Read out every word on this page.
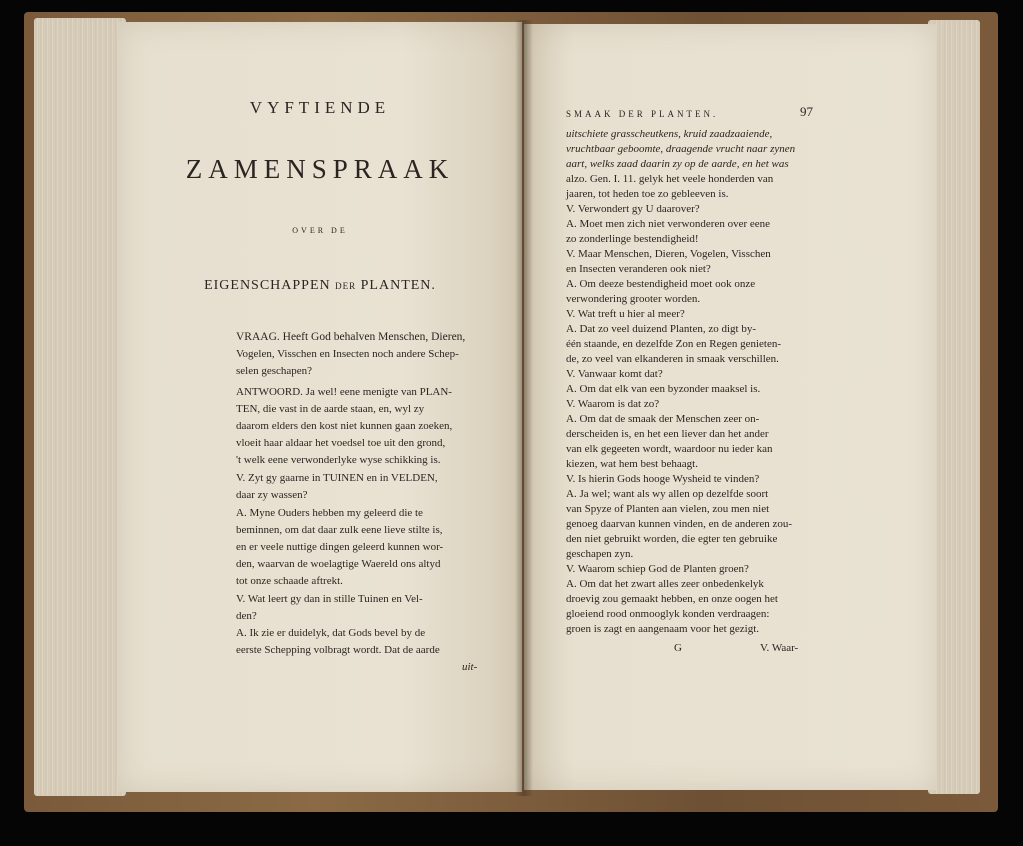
VYFTIENDE
ZAMENSPRAAK
OVER DE
EIGENSCHAPPEN DER PLANTEN.
VRAAG. Heeft God behalven Menschen, Dieren,
Vogelen, Visschen en Insecten noch andere Schep-
selen geschapen?
ANTWOORD. Ja wel! eene menigte van PLAN-
TEN, die vast in de aarde staan, en, wyl zy
daarom elders den kost niet kunnen gaan zoeken,
vloeit haar aldaar het voedsel toe uit den grond,
't welk eene verwonderlyke wyse schikking is.
V. Zyt gy gaarne in TUINEN en in VELDEN,
daar zy wassen?
A. Myne Ouders hebben my geleerd die te
beminnen, om dat daar zulk eene lieve stilte is,
en er veele nuttige dingen geleerd kunnen wor-
den, waarvan de woelagtige Waereld ons altyd
tot onze schaade aftrekt.
V. Wat leert gy dan in stille Tuinen en Vel-
den?
A. Ik zie er duidelyk, dat Gods bevel by de
eerste Schepping volbragt wordt. Dat de aarde
uit-
SMAAK DER PLANTEN.	97
uitschiete grasscheutkens, kruid zaadzaaiende,
vruchtbaar geboomte, draagende vrucht naar zynen
aart, welks zaad daarin zy op de aarde, en het was
alzo. Gen. I. 11. gelyk het veele honderden van
jaaren, tot heden toe zo gebleeven is.
V. Verwondert gy U daarover?
A. Moet men zich niet verwonderen over eene
zo zonderlinge bestendigheid!
V. Maar Menschen, Dieren, Vogelen, Visschen
en Insecten veranderen ook niet?
A. Om deeze bestendigheid moet ook onze
verwondering grooter worden.
V. Wat treft u hier al meer?
A. Dat zo veel duizend Planten, zo digt by-
één staande, en dezelfde Zon en Regen genieten-
de, zo veel van elkanderen in smaak verschillen.
V. Vanwaar komt dat?
A. Om dat elk van een byzonder maaksel is.
V. Waarom is dat zo?
A. Om dat de smaak der Menschen zeer on-
derscheiden is, en het een liever dan het ander
van elk gegeeten wordt, waardoor nu ieder kan
kiezen, wat hem best behaagt.
V. Is hierin Gods hooge Wysheid te vinden?
A. Ja wel; want als wy allen op dezelfde soort
van Spyze of Planten aan vielen, zou men niet
genoeg daarvan kunnen vinden, en de anderen zou-
den niet gebruikt worden, die egter ten gebruike
geschapen zyn.
V. Waarom schiep God de Planten groen?
A. Om dat het zwart alles zeer onbedenkelyk
droevig zou gemaakt hebben, en onze oogen het
gloeiend rood onmooglyk konden verdraagen:
groen is zagt en aangenaam voor het gezigt.
G	V. Waar-
